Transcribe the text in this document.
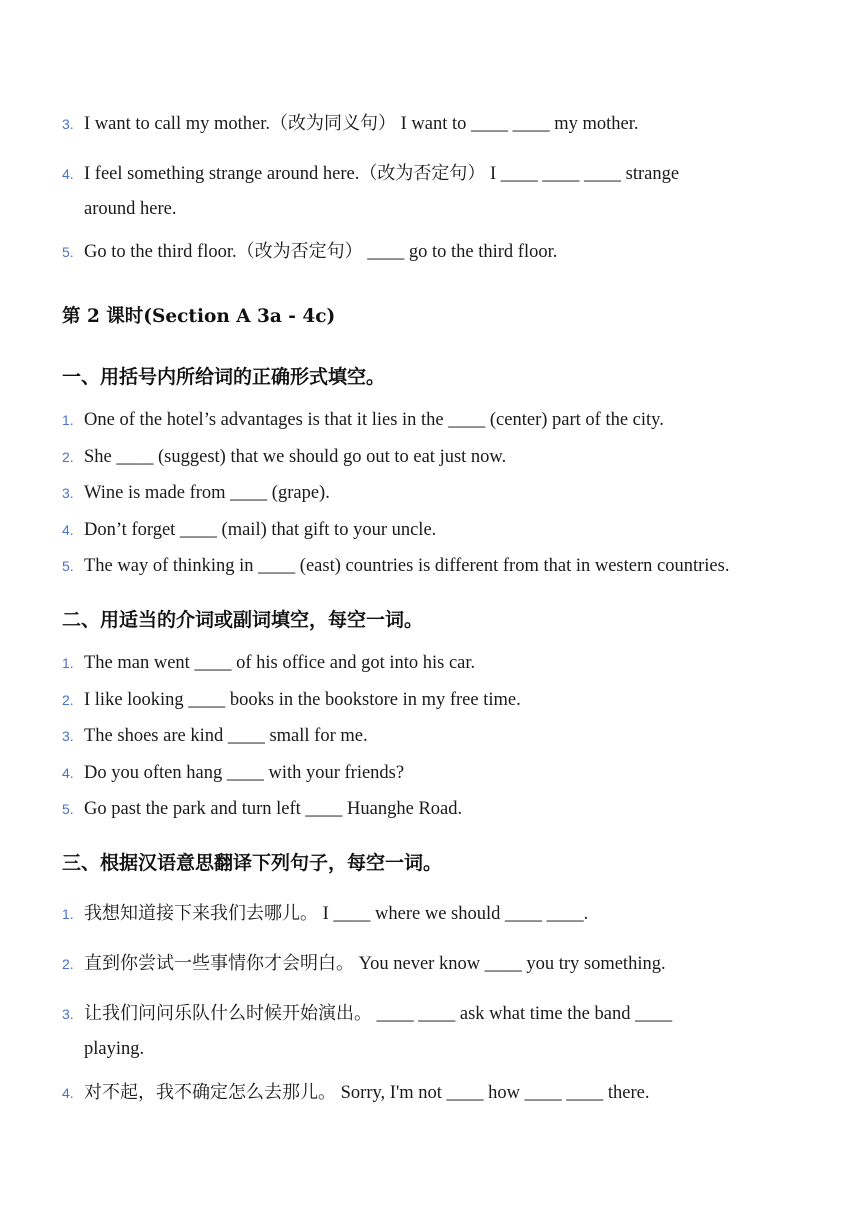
3. I want to call my mother.（改为同义句） I want to ____ ____ my mother.
4. I feel something strange around here.（改为否定句） I ____ ____ ____ strange
around here.
5. Go to the third floor.（改为否定句） ____ go to the third floor.
第 2 课时(Section A 3a - 4c)
一、用括号内所给词的正确形式填空。
1. One of the hotel’s advantages is that it lies in the ____ (center) part of the city.
2. She ____ (suggest) that we should go out to eat just now.
3. Wine is made from ____ (grape).
4. Don’t forget ____ (mail) that gift to your uncle.
5. The way of thinking in ____ (east) countries is different from that in western countries.
二、用适当的介词或副词填空，每空一词。
1. The man went ____ of his office and got into his car.
2. I like looking ____ books in the bookstore in my free time.
3. The shoes are kind ____ small for me.
4. Do you often hang ____ with your friends?
5. Go past the park and turn left ____ Huanghe Road.
三、根据汉语意思翻译下列句子，每空一词。
1. 我想知道接下来我们去哪儿。 I ____ where we should ____ ____.
2. 直到你尝试一些事情你才会明白。 You never know ____ you try something.
3. 让我们问问乐队什么时候开始演出。 ____ ____ ask what time the band ____
playing.
4. 对不起，我不确定怎么去那儿。 Sorry, I'm not ____ how ____ ____ there.
